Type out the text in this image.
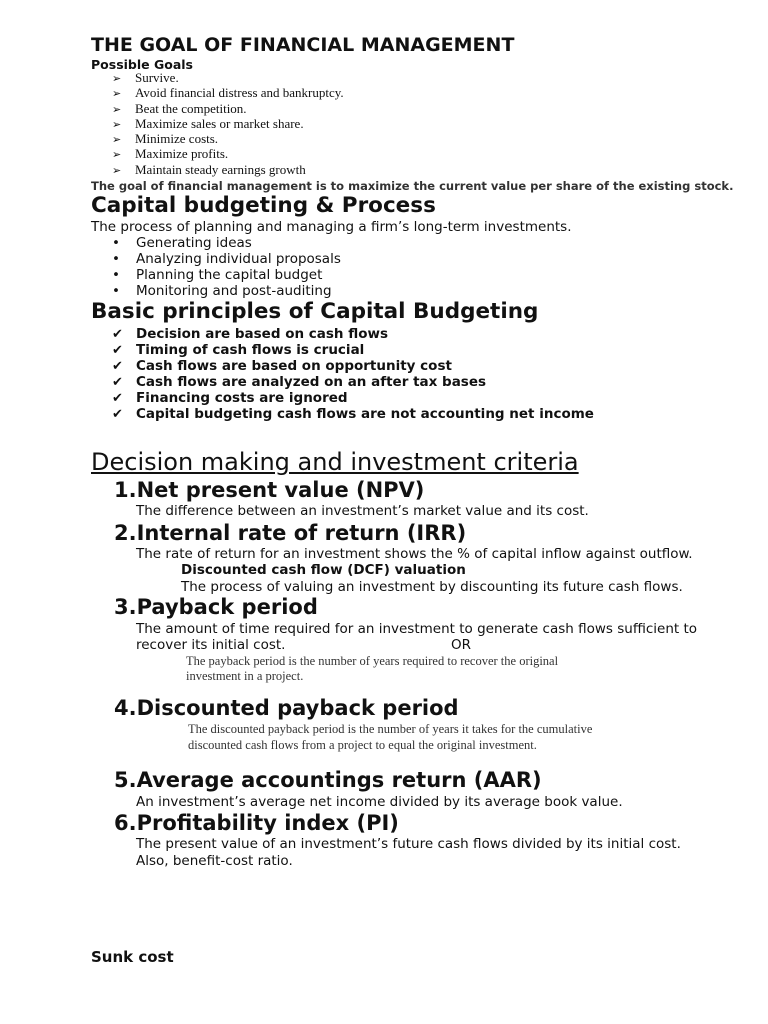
THE GOAL OF FINANCIAL MANAGEMENT
Possible Goals
➢ Survive.
➢ Avoid financial distress and bankruptcy.
➢ Beat the competition.
➢ Maximize sales or market share.
➢ Minimize costs.
➢ Maximize profits.
➢ Maintain steady earnings growth
The goal of financial management is to maximize the current value per share of the existing stock.
Capital budgeting & Process
The process of planning and managing a firm’s long-term investments.
• Generating ideas
• Analyzing individual proposals
• Planning the capital budget
• Monitoring and post-auditing
Basic principles of Capital Budgeting
✔ Decision are based on cash flows
✔ Timing of cash flows is crucial
✔ Cash flows are based on opportunity cost
✔ Cash flows are analyzed on an after tax bases
✔ Financing costs are ignored
✔ Capital budgeting cash flows are not accounting net income
Decision making and investment criteria
1.Net present value (NPV)
The difference between an investment’s market value and its cost.
2.Internal rate of return (IRR)
The rate of return for an investment shows the % of capital inflow against outflow.
Discounted cash flow (DCF) valuation
The process of valuing an investment by discounting its future cash flows.
3.Payback period
The amount of time required for an investment to generate cash flows sufficient to
recover its initial cost.	OR
The payback period is the number of years required to recover the original
investment in a project.
4.Discounted payback period
The discounted payback period is the number of years it takes for the cumulative
discounted cash flows from a project to equal the original investment.
5.Average accountings return (AAR)
An investment’s average net income divided by its average book value.
6.Profitability index (PI)
The present value of an investment’s future cash flows divided by its initial cost.
Also, benefit-cost ratio.
Sunk cost
